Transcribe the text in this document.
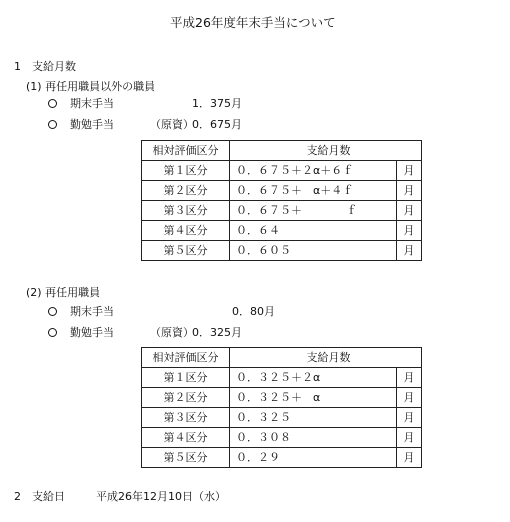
平成26年度年末手当について
1 支給月数
(1) 再任用職員以外の職員
期末手当	1．375月
勤勉手当	（原資）
0．675月
相対評価区分	支給月数	
第１区分	０．６７５＋２α＋６ｆ	月
第２区分	０．６７５＋　α＋４ｆ	月
第３区分	０．６７５＋　　　　ｆ	月
第４区分	０．６４	月
第５区分	０．６０５	月
(2) 再任用職員
期末手当	0．80月
勤勉手当	（原資）
0．325月
相対評価区分	支給月数	
第１区分	０．３２５＋２α	月
第２区分	０．３２５＋　α	月
第３区分	０．３２５	月
第４区分	０．３０８	月
第５区分	０．２９	月
2 支給日	平成26年12月10日（水）
